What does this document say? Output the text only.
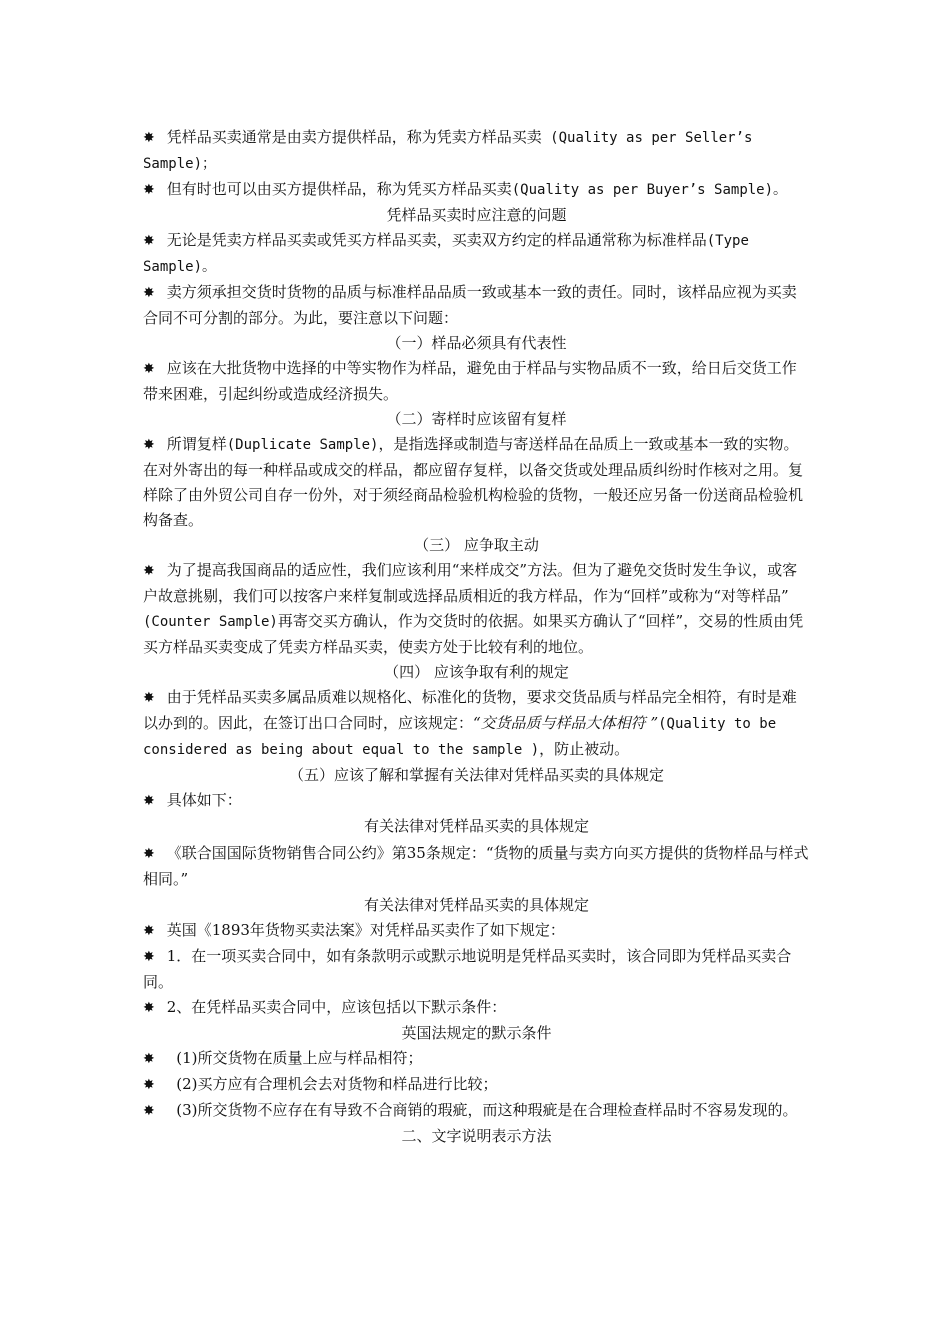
✸ 凭样品买卖通常是由卖方提供样品，称为凭卖方样品买卖 (Quality as per Seller’s Sample)；

✸ 但有时也可以由买方提供样品，称为凭买方样品买卖(Quality as per Buyer’s Sample)。

凭样品买卖时应注意的问题

✸ 无论是凭卖方样品买卖或凭买方样品买卖，买卖双方约定的样品通常称为标准样品(Type Sample)。

✸ 卖方须承担交货时货物的品质与标准样品品质一致或基本一致的责任。同时，该样品应视为买卖合同不可分割的部分。为此，要注意以下问题：

（一）样品必须具有代表性

✸ 应该在大批货物中选择的中等实物作为样品，避免由于样品与实物品质不一致，给日后交货工作带来困难，引起纠纷或造成经济损失。

（二）寄样时应该留有复样

✸ 所谓复样(Duplicate Sample)，是指选择或制造与寄送样品在品质上一致或基本一致的实物。在对外寄出的每一种样品或成交的样品，都应留存复样，以备交货或处理品质纠纷时作核对之用。复样除了由外贸公司自存一份外，对于须经商品检验机构检验的货物，一般还应另备一份送商品检验机构备查。

（三） 应争取主动

✸ 为了提高我国商品的适应性，我们应该利用“来样成交”方法。但为了避免交货时发生争议，或客户故意挑剔，我们可以按客户来样复制或选择品质相近的我方样品，作为“回样”或称为“对等样品” (Counter Sample)再寄交买方确认，作为交货时的依据。如果买方确认了“回样”，交易的性质由凭买方样品买卖变成了凭卖方样品买卖，使卖方处于比较有利的地位。

（四） 应该争取有利的规定

✸ 由于凭样品买卖多属品质难以规格化、标准化的货物，要求交货品质与样品完全相符，有时是难以办到的。因此，在签订出口合同时，应该规定：“交货品质与样品大体相符 ”(Quality to be considered as being about equal to the sample )，防止被动。

（五）应该了解和掌握有关法律对凭样品买卖的具体规定

✸ 具体如下：

有关法律对凭样品买卖的具体规定

✸ 《联合国国际货物销售合同公约》第35条规定：“货物的质量与卖方向买方提供的货物样品与样式相同。”

有关法律对凭样品买卖的具体规定

✸ 英国《1893年货物买卖法案》对凭样品买卖作了如下规定：

✸ 1．在一项买卖合同中，如有条款明示或默示地说明是凭样品买卖时，该合同即为凭样品买卖合同。

✸ 2、在凭样品买卖合同中，应该包括以下默示条件：

英国法规定的默示条件

✸  (1)所交货物在质量上应与样品相符；

✸  (2)买方应有合理机会去对货物和样品进行比较；

✸  (3)所交货物不应存在有导致不合商销的瑕疵，而这种瑕疵是在合理检查样品时不容易发现的。

二、文字说明表示方法
